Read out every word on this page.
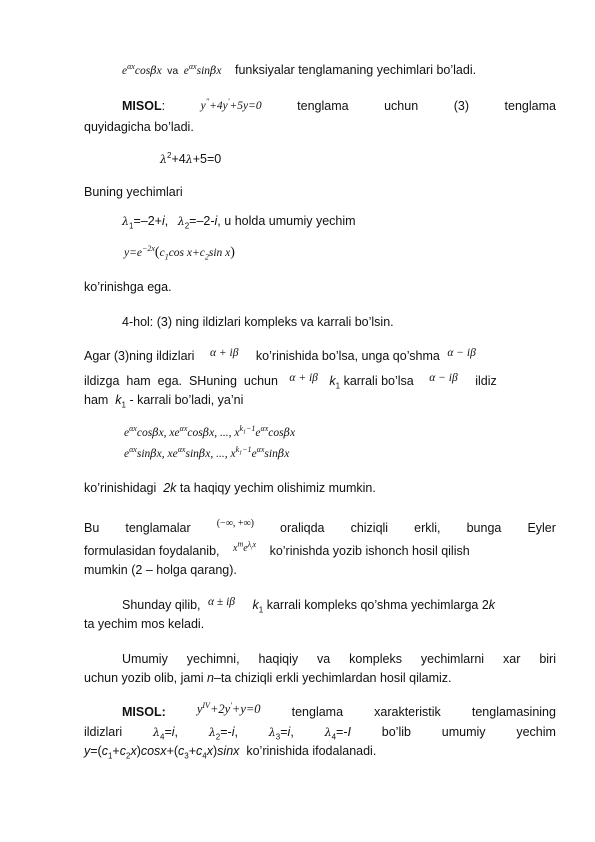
$e^{\alpha x}\cos\beta x$ va $e^{\alpha x}\sin\beta x$ funksiyalar tenglamaning yechimlari bo’ladi.
MISOL:	y''+4y'+5y=0	tenglama	uchun	(3)	tenglama
quyidagicha bo’ladi.
$\lambda^2+4\lambda+5=0$
Buning yechimlari
$\lambda_1=-2+i$, $\lambda_2=-2-i$, u holda umumiy yechim
$y=e^{-2x}(c_1\cos$ $x+c_2\sin$ x)
ko’rinishga ega.
4-hol: (3) ning ildizlari kompleks va karrali bo’lsin.
Agar (3)ning ildizlari α + iβ ko’rinishida bo’lsa, unga qo’shma α − iβ
ildizga ham ega. SHuning uchun α + iβ $k_1$ karrali bo’lsa α − iβ ildiz
ham  $k_1$ - karrali bo’ladi, ya’ni
$e^{\alpha x}\cos\beta x$, $xe^{\alpha x}\cos\beta x$, ..., $x^{k_1-1}e^{\alpha x}\cos\beta x$
$e^{\alpha x}\sin\beta x$, $xe^{\alpha x}\sin\beta x$, ..., $x^{k_1-1}e^{\alpha x}\sin\beta x$
ko’rinishidagi 2k ta haqiqy yechim olishimiz mumkin.
Bu tenglamalar	(−∞, +∞) oraliqda chiziqli erkli, bunga Eyler
formulasidan foydalanib, $^{x^me^{\lambda_ix}}$ ko’rinishda yozib ishonch hosil qilish
mumkin (2 – holga qarang).
Shunday qilib, α ± iβ $k_1$ karrali kompleks qo’shma yechimlarga 2k
ta yechim mos keladi.
Umumiy yechimni, haqiqiy va kompleks yechimlarni xar biri
uchun yozib olib, jami n–ta chiziqli erkli yechimlardan hosil qilamiz.
MISOL: $y^{IV}+2y'+y=0$ tenglama xarakteristik tenglamasining
ildizlari	$\lambda_4=i$,	$\lambda_2=-i$,	$\lambda_3=i$,	$\lambda_4=-I$ bo’lib umumiy yechim
$y=(c_1+c_2x)\cos x+(c_3+c_4x)\sin x$  ko’rinishida ifodalanadi.
